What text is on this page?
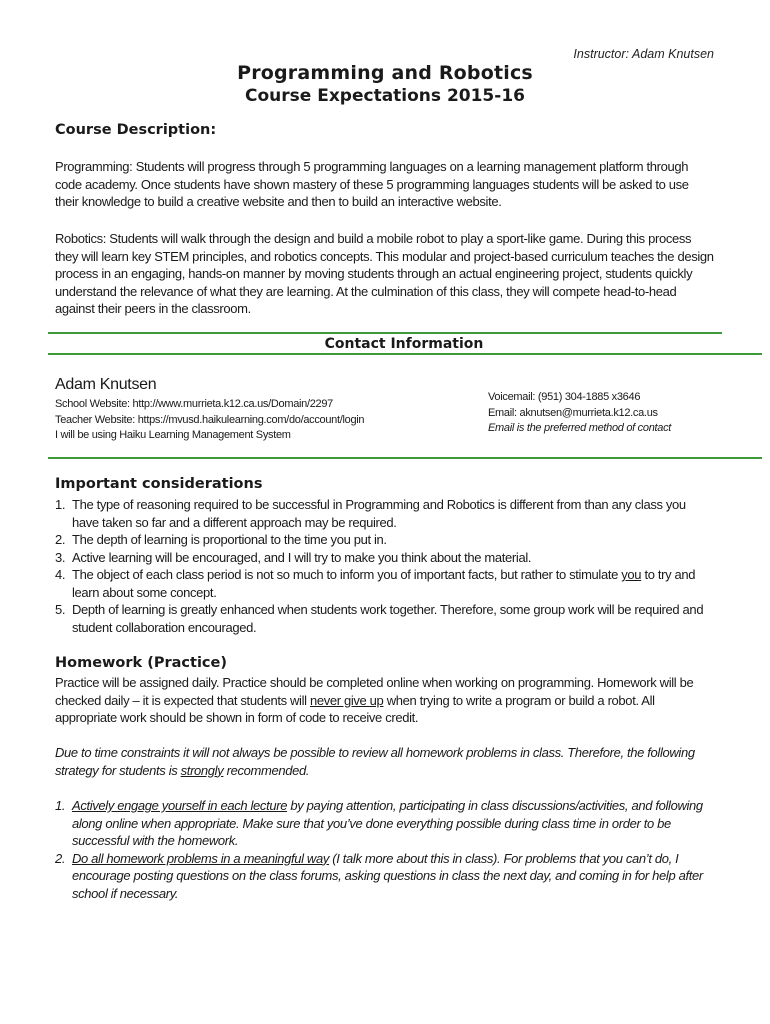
Instructor: Adam Knutsen
Programming and Robotics
Course Expectations 2015-16
Course Description:
Programming: Students will progress through 5 programming languages on a learning management platform through code academy. Once students have shown mastery of these 5 programming languages students will be asked to use their knowledge to build a creative website and then to build an interactive website.
Robotics: Students will walk through the design and build a mobile robot to play a sport-like game. During this process they will learn key STEM principles, and robotics concepts. This modular and project-based curriculum teaches the design process in an engaging, hands-on manner by moving students through an actual engineering project, students quickly understand the relevance of what they are learning. At the culmination of this class, they will compete head-to-head against their peers in the classroom.
Contact Information
Adam Knutsen
School Website: http://www.murrieta.k12.ca.us/Domain/2297
Teacher Website: https://mvusd.haikulearning.com/do/account/login
I will be using Haiku Learning Management System
Voicemail: (951) 304-1885 x3646
Email: aknutsen@murrieta.k12.ca.us
Email is the preferred method of contact
Important considerations
1. The type of reasoning required to be successful in Programming and Robotics is different from than any class you have taken so far and a different approach may be required.
2. The depth of learning is proportional to the time you put in.
3. Active learning will be encouraged, and I will try to make you think about the material.
4. The object of each class period is not so much to inform you of important facts, but rather to stimulate you to try and learn about some concept.
5. Depth of learning is greatly enhanced when students work together. Therefore, some group work will be required and student collaboration encouraged.
Homework (Practice)
Practice will be assigned daily. Practice should be completed online when working on programming. Homework will be checked daily – it is expected that students will never give up when trying to write a program or build a robot. All appropriate work should be shown in form of code to receive credit.
Due to time constraints it will not always be possible to review all homework problems in class. Therefore, the following strategy for students is strongly recommended.
1. Actively engage yourself in each lecture by paying attention, participating in class discussions/activities, and following along online when appropriate. Make sure that you’ve done everything possible during class time in order to be successful with the homework.
2. Do all homework problems in a meaningful way (I talk more about this in class). For problems that you can’t do, I encourage posting questions on the class forums, asking questions in class the next day, and coming in for help after school if necessary.
